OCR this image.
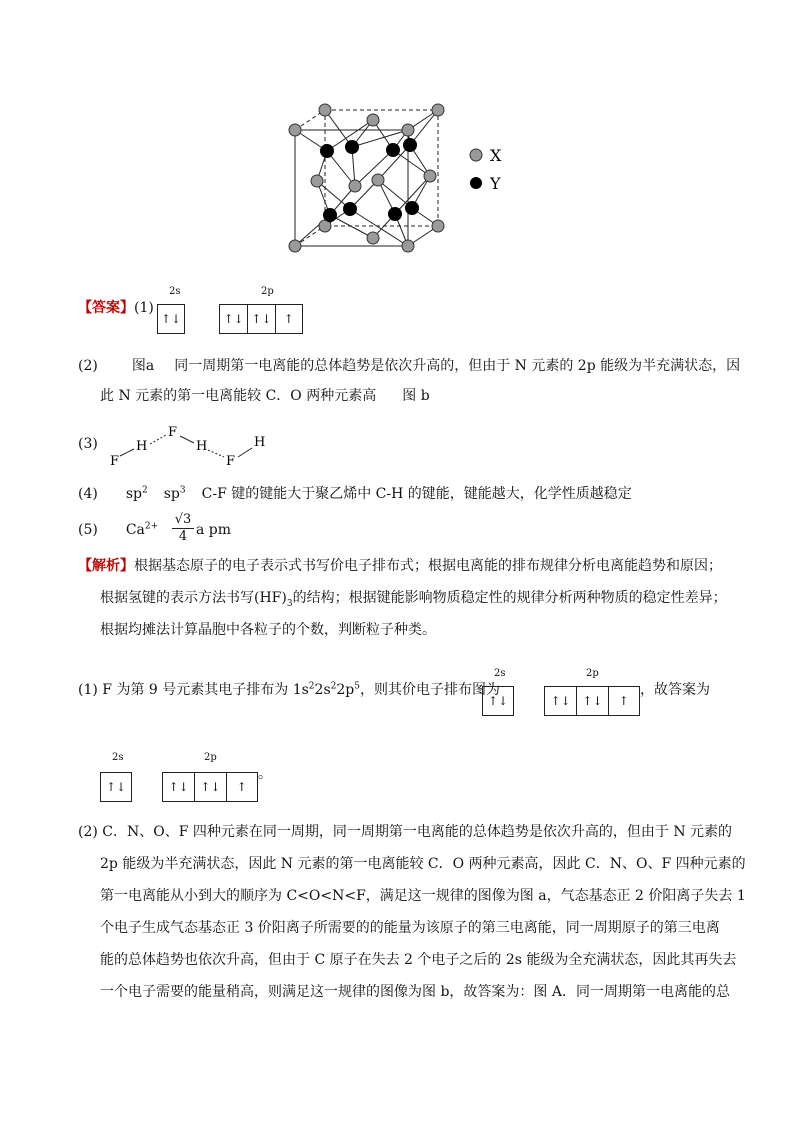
X
Y
【答案】(1)
2s	2p
↑↓	↑↓ ↑↓	↑
(2) 图a 同一周期第一电离能的总体趋势是依次升高的，但由于 N 元素的 2p 能级为半充满状态，因
此 N 元素的第一电离能较 C．O 两种元素高 图 b
(3)
F
H
F
H
F
H
(4) $sp^2$ $sp^3$ C-F 键的键能大于聚乙烯中 C-H 的键能，键能越大，化学性质越稳定
(5) $Ca^{2+}$ √3
4 a pm
【解析】根据基态原子的电子表示式书写价电子排布式；根据电离能的排布规律分析电离能趋势和原因；
根据氢键的表示方法书写$(HF)_3$的结构；根据键能影响物质稳定性的规律分析两种物质的稳定性差异；
根据均摊法计算晶胞中各粒子的个数，判断粒子种类。
(1) F 为第 9 号元素其电子排布为 $1s^22s^22p^5$，则其价电子排布图为
2s	2p
↑↓	↑↓ ↑↓	↑
，故答案为
2s	2p
↑↓	↑↓ ↑↓	↑
。
(2) C．N、O、F 四种元素在同一周期，同一周期第一电离能的总体趋势是依次升高的，但由于 N 元素的
2p 能级为半充满状态，因此 N 元素的第一电离能较 C．O 两种元素高，因此 C．N、O、F 四种元素的
第一电离能从小到大的顺序为 C<O<N<F，满足这一规律的图像为图 a，气态基态正 2 价阳离子失去 1
个电子生成气态基态正 3 价阳离子所需要的的能量为该原子的第三电离能，同一周期原子的第三电离
能的总体趋势也依次升高，但由于 C 原子在失去 2 个电子之后的 2s 能级为全充满状态，因此其再失去
一个电子需要的能量稍高，则满足这一规律的图像为图 b，故答案为：图 A．同一周期第一电离能的总
